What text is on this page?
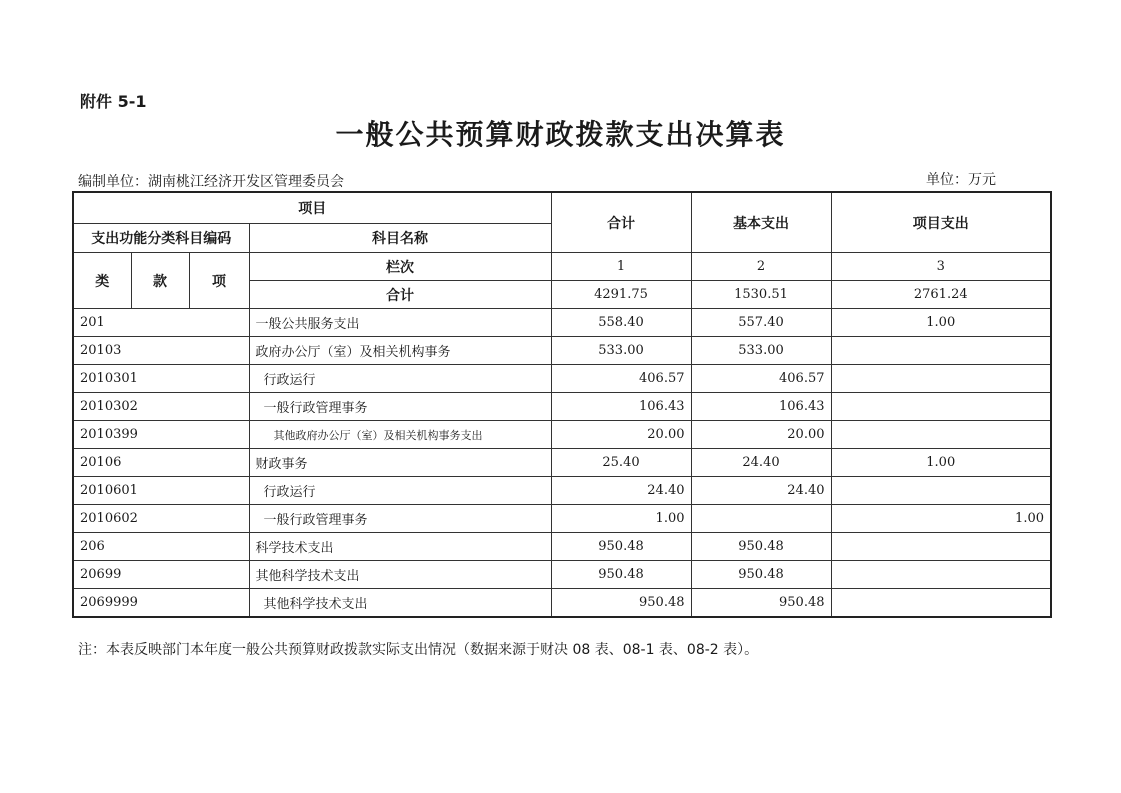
附件 5-1
一般公共预算财政拨款支出决算表
编制单位：湖南桃江经济开发区管理委员会	单位：万元
项目				合计	基本支出	项目支出
支出功能分类科目编码			科目名称			
类	款	项	栏次	1	2	3
			合计	4291.75	1530.51	2761.24
201			一般公共服务支出	558.40	557.40	1.00
20103			政府办公厅（室）及相关机构事务	533.00	533.00	
2010301			行政运行	406.57	406.57	
2010302			一般行政管理事务	106.43	106.43	
2010399			其他政府办公厅（室）及相关机构事务支出	20.00	20.00	
20106			财政事务	25.40	24.40	1.00
2010601			行政运行	24.40	24.40	
2010602			一般行政管理事务	1.00		1.00
206			科学技术支出	950.48	950.48	
20699			其他科学技术支出	950.48	950.48	
2069999			其他科学技术支出	950.48	950.48	
注：本表反映部门本年度一般公共预算财政拨款实际支出情况（数据来源于财决 08 表、08-1 表、08-2 表）。
